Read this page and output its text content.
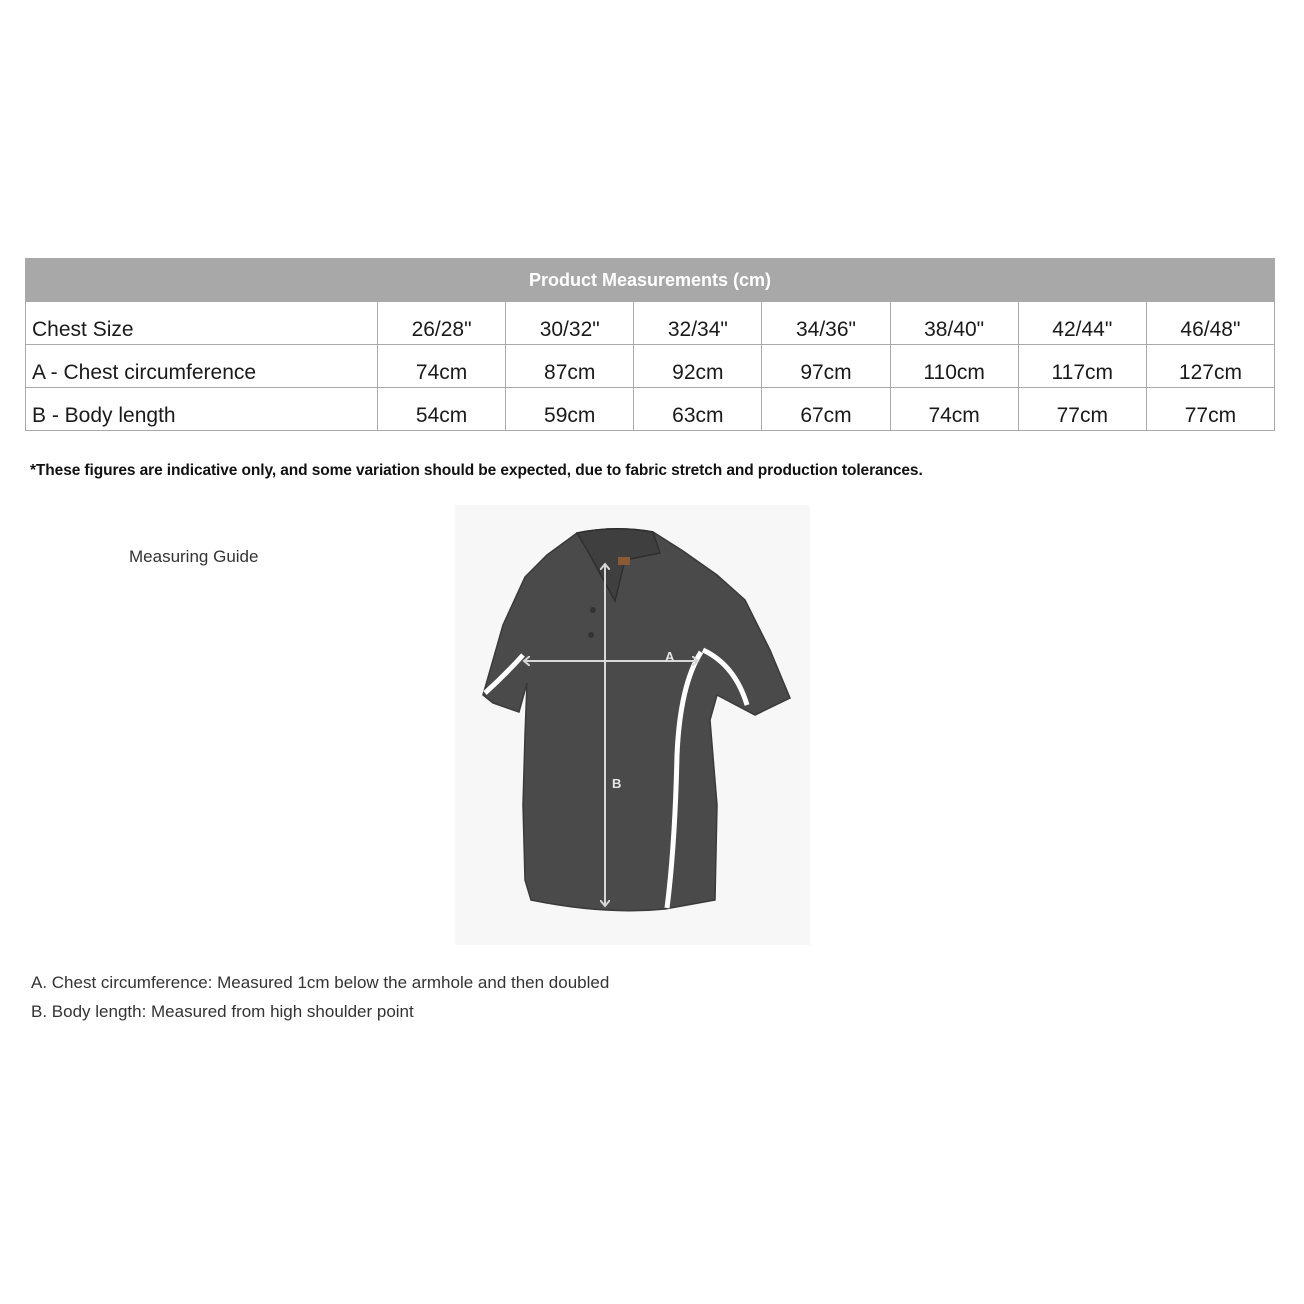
Product Measurements (cm)							
Chest Size	26/28"	30/32"	32/34"	34/36"	38/40"	42/44"	46/48"
A - Chest circumference	74cm	87cm	92cm	97cm	110cm	117cm	127cm
B - Body length	54cm	59cm	63cm	67cm	74cm	77cm	77cm

*These figures are indicative only, and some variation should be expected, due to fabric stretch and production tolerances.

Measuring Guide
A
B
A. Chest circumference: Measured 1cm below the armhole and then doubled
B. Body length: Measured from high shoulder point
